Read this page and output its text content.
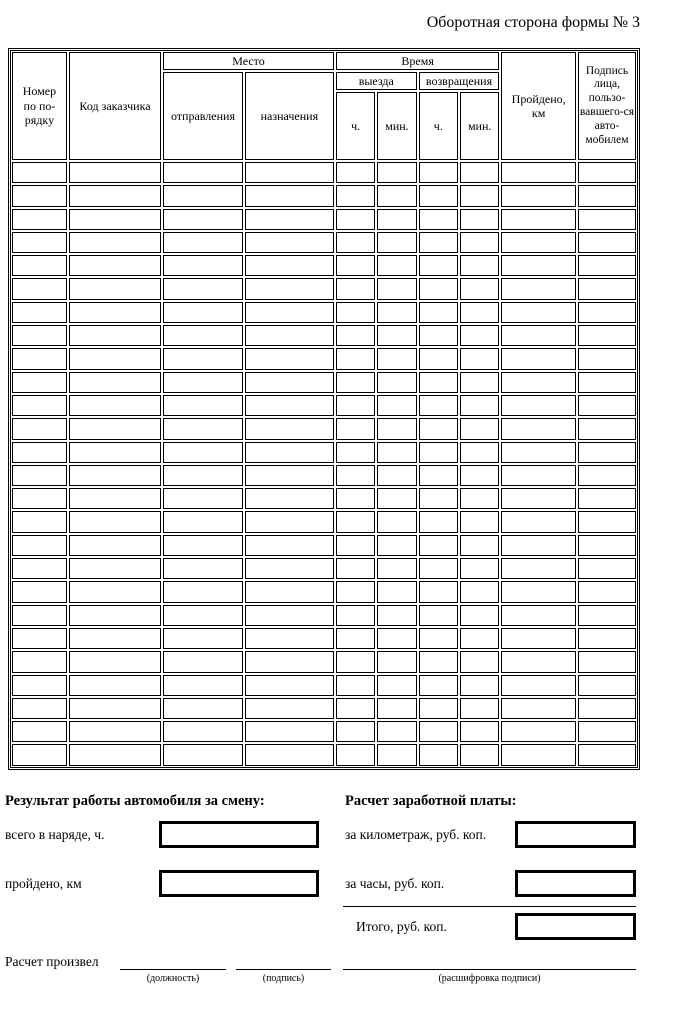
Оборотная сторона формы № 3
Номер по по-рядку	Код заказчика	Место		Время				Пройдено, км	Подпись лица, пользо-вавшего-ся авто-мобилем
		отправления	назначения	выезда		возвращения			
				ч.	мин.	ч.	мин.		

Результат работы автомобиля за смену:
всего в наряде, ч.
пройдено, км
Расчет заработной платы:
за километраж, руб. коп.
за часы, руб. коп.
Итого, руб. коп.
Расчет произвел
(должность)	(подпись)	(расшифровка подписи)
